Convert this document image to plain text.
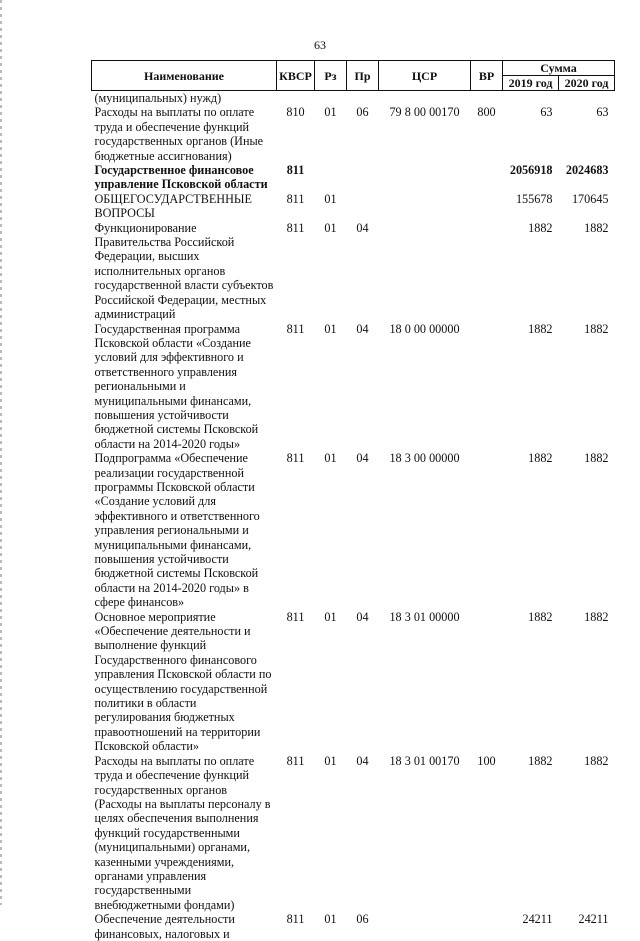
63
Наименование	КВСР	Рз	Пр	ЦСР	ВР	Сумма	
						2019 год	2020 год
(муниципальных) нужд)							
Расходы на выплаты по оплате труда и обеспечение функций государственных органов (Иные бюджетные ассигнования)	810	01	06	79 8 00 00170	800	63	63
Государственное финансовое управление Псковской области	811					2056918	2024683
ОБЩЕГОСУДАРСТВЕННЫЕ ВОПРОСЫ	811	01				155678	170645
Функционирование Правительства Российской Федерации, высших исполнительных органов государственной власти субъектов Российской Федерации, местных администраций	811	01	04			1882	1882
Государственная программа Псковской области «Создание условий для эффективного и ответственного управления региональными и муниципальными финансами, повышения устойчивости бюджетной системы Псковской области на 2014-2020 годы»	811	01	04	18 0 00 00000		1882	1882
Подпрограмма «Обеспечение реализации государственной программы Псковской области «Создание условий для эффективного и ответственного управления региональными и муниципальными финансами, повышения устойчивости бюджетной системы Псковской области на 2014-2020 годы» в сфере финансов»	811	01	04	18 3 00 00000		1882	1882
Основное мероприятие «Обеспечение деятельности и выполнение функций Государственного финансового управления Псковской области по осуществлению государственной политики в области регулирования бюджетных правоотношений на территории Псковской области»	811	01	04	18 3 01 00000		1882	1882
Расходы на выплаты по оплате труда и обеспечение функций государственных органов (Расходы на выплаты персоналу в целях обеспечения выполнения функций государственными (муниципальными) органами, казенными учреждениями, органами управления государственными внебюджетными фондами)	811	01	04	18 3 01 00170	100	1882	1882
Обеспечение деятельности финансовых, налоговых и	811	01	06			24211	24211
